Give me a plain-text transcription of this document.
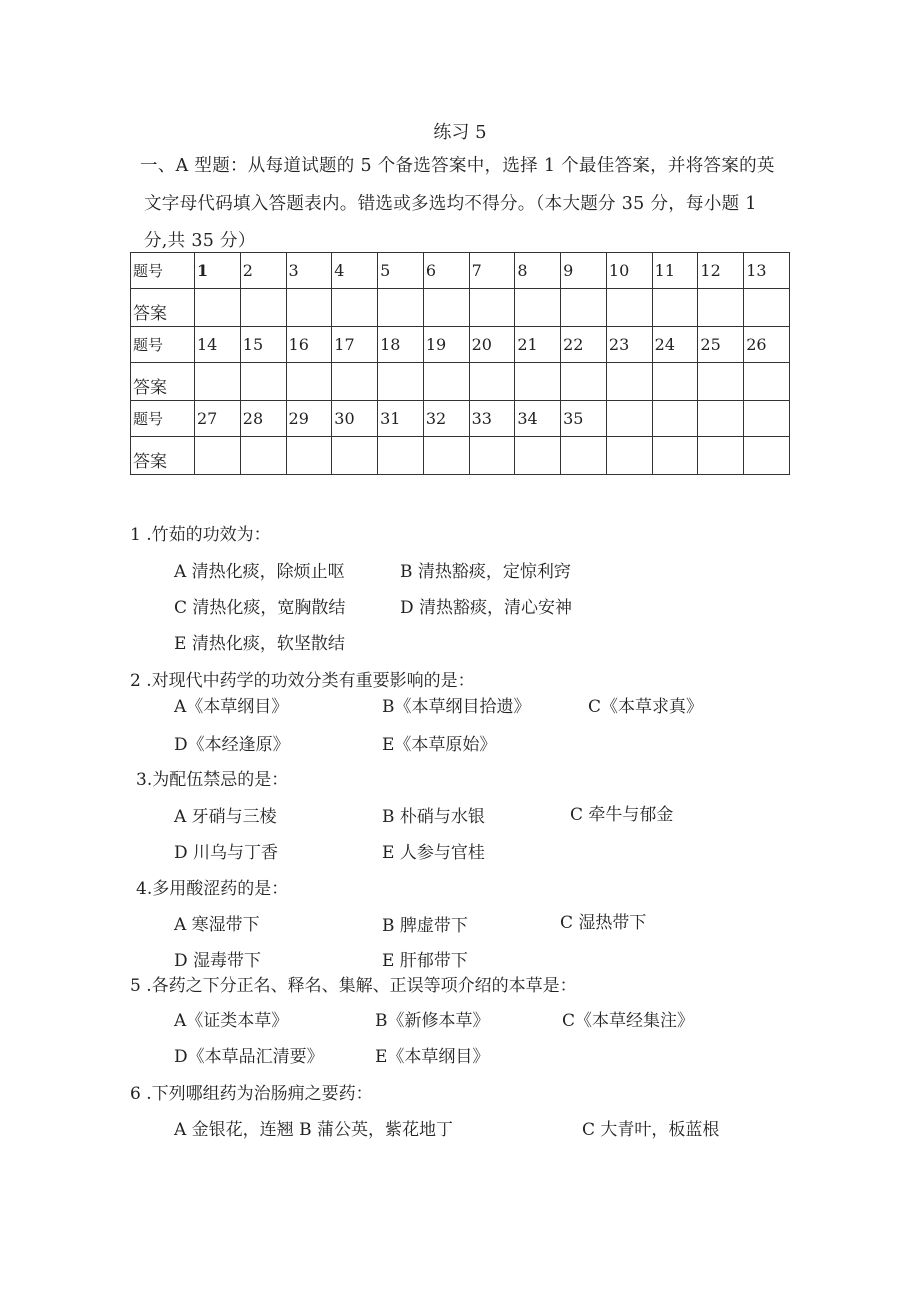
练习 5
一、A 型题：从每道试题的 5 个备选答案中，选择 1 个最佳答案，并将答案的英
文字母代码填入答题表内。错选或多选均不得分。（本大题分 35 分，每小题 1
分,共 35 分）
题号	1	2	3	4	5	6	7	8	9	10	11	12	13
答案													
题号	14	15	16	17	18	19	20	21	22	23	24	25	26
答案													
题号	27	28	29	30	31	32	33	34	35				
答案													
1 .竹茹的功效为：
A 清热化痰，除烦止呕	B 清热豁痰，定惊利窍
C 清热化痰，宽胸散结	D 清热豁痰，清心安神
E 清热化痰，软坚散结
2 .对现代中药学的功效分类有重要影响的是：
A《本草纲目》	B《本草纲目拾遗》	C《本草求真》
D《本经逢原》	E《本草原始》
3.为配伍禁忌的是：
A 牙硝与三棱	B 朴硝与水银	C 牵牛与郁金
D 川乌与丁香	E 人参与官桂
4.多用酸涩药的是：
A 寒湿带下	B 脾虚带下	C 湿热带下
D 湿毒带下	E 肝郁带下
5 .各药之下分正名、释名、集解、正误等项介绍的本草是：
A《证类本草》	B《新修本草》	C《本草经集注》
D《本草品汇清要》	E《本草纲目》
6 .下列哪组药为治肠痈之要药：
A 金银花，连翘 B 蒲公英，紫花地丁	C 大青叶，板蓝根
